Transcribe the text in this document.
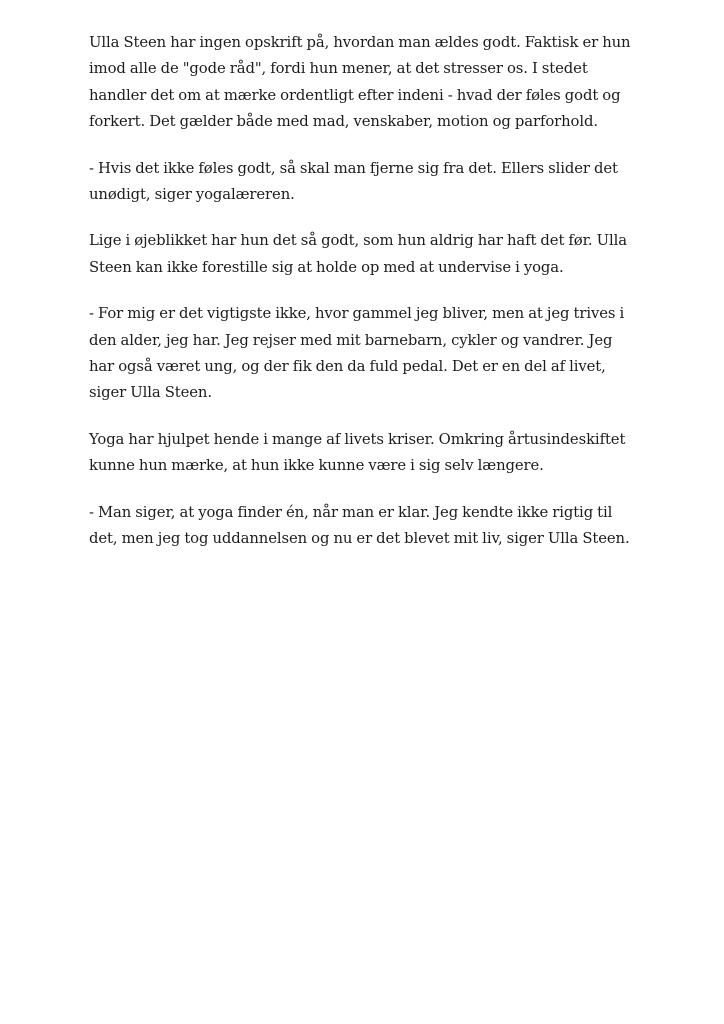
Ulla Steen har ingen opskrift på, hvordan man ældes godt. Faktisk er hun imod alle de "gode råd", fordi hun mener, at det stresser os. I stedet handler det om at mærke ordentligt efter indeni - hvad der føles godt og forkert. Det gælder både med mad, venskaber, motion og parforhold.

- Hvis det ikke føles godt, så skal man fjerne sig fra det. Ellers slider det unødigt, siger yogalæreren.

Lige i øjeblikket har hun det så godt, som hun aldrig har haft det før. Ulla Steen kan ikke forestille sig at holde op med at undervise i yoga.

- For mig er det vigtigste ikke, hvor gammel jeg bliver, men at jeg trives i den alder, jeg har. Jeg rejser med mit barnebarn, cykler og vandrer. Jeg har også været ung, og der fik den da fuld pedal. Det er en del af livet, siger Ulla Steen.

Yoga har hjulpet hende i mange af livets kriser. Omkring årtusindeskiftet kunne hun mærke, at hun ikke kunne være i sig selv længere.

- Man siger, at yoga finder én, når man er klar. Jeg kendte ikke rigtig til det, men jeg tog uddannelsen og nu er det blevet mit liv, siger Ulla Steen.
